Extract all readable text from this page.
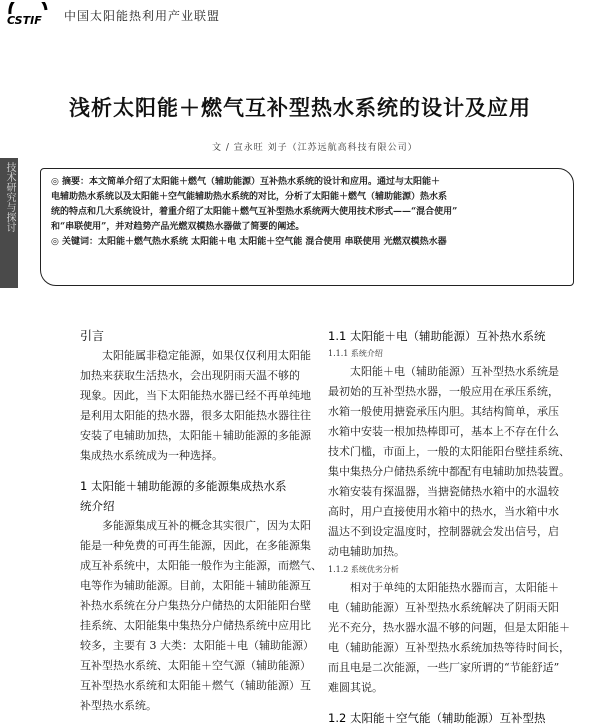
CSTIF 中国太阳能热利用产业联盟
技术研究与探讨
浅析太阳能＋燃气互补型热水系统的设计及应用
文 / 宣永旺 刘子（江苏远航高科技有限公司）
◎ 摘要：本文简单介绍了太阳能＋燃气（辅助能源）互补热水系统的设计和应用。通过与太阳能＋
电辅助热水系统以及太阳能＋空气能辅助热水系统的对比，分析了太阳能＋燃气（辅助能源）热水系
统的特点和几大系统设计，着重介绍了太阳能＋燃气互补型热水系统两大使用技术形式——“混合使用”
和“串联使用”，并对趋势产品光燃双模热水器做了简要的阐述。
◎ 关键词：太阳能＋燃气热水系统 太阳能＋电 太阳能＋空气能 混合使用 串联使用 光燃双模热水器
引言
　　太阳能属非稳定能源，如果仅仅利用太阳能
加热来获取生活热水，会出现阴雨天温不够的
现象。因此，当下太阳能热水器已经不再单纯地
是利用太阳能的热水器，很多太阳能热水器往往
安装了电辅助加热，太阳能＋辅助能源的多能源
集成热水系统成为一种选择。
1 太阳能＋辅助能源的多能源集成热水系
统介绍
　　多能源集成互补的概念其实很广，因为太阳
能是一种免费的可再生能源，因此，在多能源集
成互补系统中，太阳能一般作为主能源，而燃气、
电等作为辅助能源。目前，太阳能＋辅助能源互
补热水系统在分户集热分户储热的太阳能阳台壁
挂系统、太阳能集中集热分户储热系统中应用比
较多，主要有 3 大类：太阳能＋电（辅助能源）
互补型热水系统、太阳能＋空气源（辅助能源）
互补型热水系统和太阳能＋燃气（辅助能源）互
补型热水系统。
1.1 太阳能＋电（辅助能源）互补热水系统
1.1.1 系统介绍
　　太阳能＋电（辅助能源）互补型热水系统是
最初始的互补型热水器，一般应用在承压系统，
水箱一般使用搪瓷承压内胆。其结构简单，承压
水箱中安装一根加热棒即可，基本上不存在什么
技术门槛，市面上，一般的太阳能阳台壁挂系统、
集中集热分户储热系统中都配有电辅助加热装置。
水箱安装有探温器，当搪瓷储热水箱中的水温较
高时，用户直接使用水箱中的热水，当水箱中水
温达不到设定温度时，控制器就会发出信号，启
动电辅助加热。
1.1.2 系统优劣分析
　　相对于单纯的太阳能热水器而言，太阳能＋
电（辅助能源）互补型热水系统解决了阴雨天阳
光不充分，热水器水温不够的问题，但是太阳能＋
电（辅助能源）互补型热水系统加热等待时间长，
而且电是二次能源，一些厂家所谓的“节能舒适”
难圆其说。
1.2 太阳能＋空气能（辅助能源）互补型热
